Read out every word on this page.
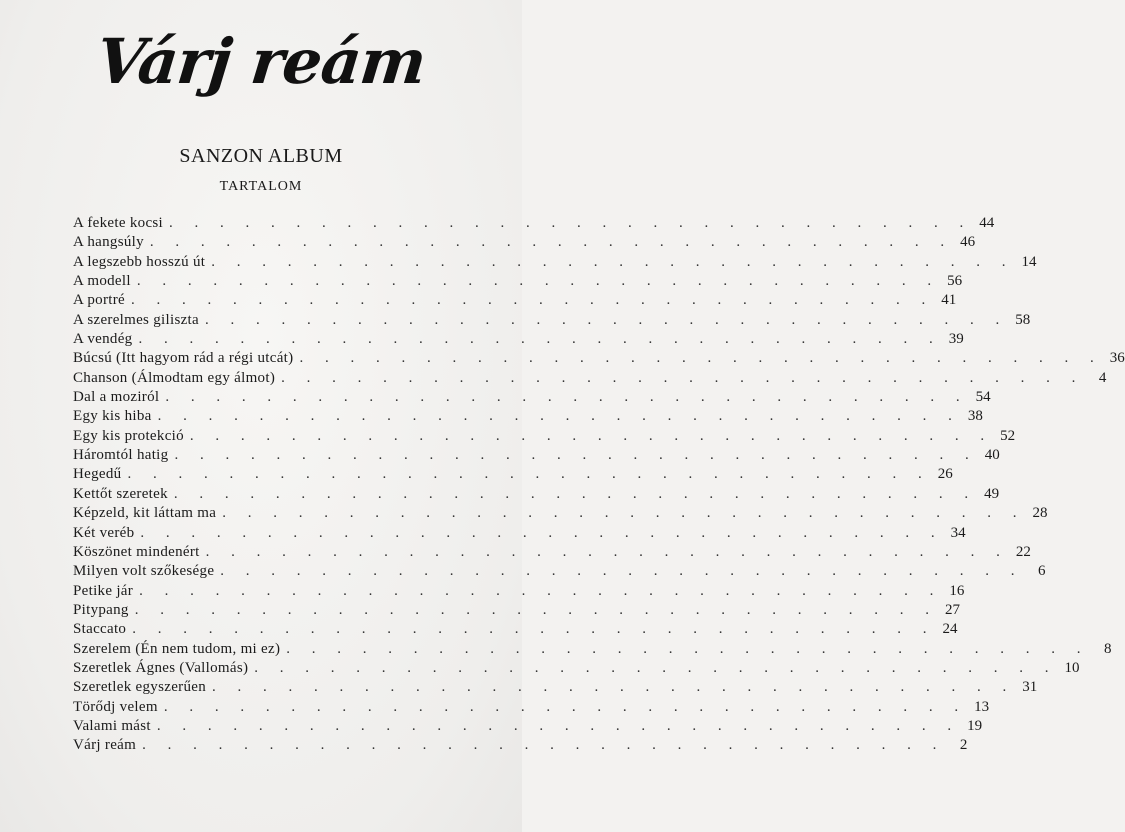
Várj reám
SANZON ALBUM
TARTALOM
A fekete kocsi . . . . . . . . . . . . . . . . . . . . . . . . . . . . . . . . 44
A hangsúly . . . . . . . . . . . . . . . . . . . . . . . . . . . . . . . . 46
A legszebb hosszú út . . . . . . . . . . . . . . . . . . . . . . . . . . . . . . . . 14
A modell . . . . . . . . . . . . . . . . . . . . . . . . . . . . . . . . 56
A portré . . . . . . . . . . . . . . . . . . . . . . . . . . . . . . . . 41
A szerelmes giliszta . . . . . . . . . . . . . . . . . . . . . . . . . . . . . . . . 58
A vendég . . . . . . . . . . . . . . . . . . . . . . . . . . . . . . . . 39
Búcsú (Itt hagyom rád a régi utcát) . . . . . . . . . . . . . . . . . . . . . . . . . . . . . . . . 36
Chanson (Álmodtam egy álmot) . . . . . . . . . . . . . . . . . . . . . . . . . . . . . . . . 4
Dal a moziról . . . . . . . . . . . . . . . . . . . . . . . . . . . . . . . . 54
Egy kis hiba . . . . . . . . . . . . . . . . . . . . . . . . . . . . . . . . 38
Egy kis protekció . . . . . . . . . . . . . . . . . . . . . . . . . . . . . . . . 52
Háromtól hatig . . . . . . . . . . . . . . . . . . . . . . . . . . . . . . . . 40
Hegedű . . . . . . . . . . . . . . . . . . . . . . . . . . . . . . . . 26
Kettőt szeretek . . . . . . . . . . . . . . . . . . . . . . . . . . . . . . . . 49
Képzeld, kit láttam ma . . . . . . . . . . . . . . . . . . . . . . . . . . . . . . . . 28
Két veréb . . . . . . . . . . . . . . . . . . . . . . . . . . . . . . . . 34
Köszönet mindenért . . . . . . . . . . . . . . . . . . . . . . . . . . . . . . . . 22
Milyen volt szőkesége . . . . . . . . . . . . . . . . . . . . . . . . . . . . . . . . 6
Petike jár . . . . . . . . . . . . . . . . . . . . . . . . . . . . . . . . 16
Pitypang . . . . . . . . . . . . . . . . . . . . . . . . . . . . . . . . 27
Staccato . . . . . . . . . . . . . . . . . . . . . . . . . . . . . . . . 24
Szerelem (Én nem tudom, mi ez) . . . . . . . . . . . . . . . . . . . . . . . . . . . . . . . . 8
Szeretlek Ágnes (Vallomás) . . . . . . . . . . . . . . . . . . . . . . . . . . . . . . . . 10
Szeretlek egyszerűen . . . . . . . . . . . . . . . . . . . . . . . . . . . . . . . . 31
Törődj velem . . . . . . . . . . . . . . . . . . . . . . . . . . . . . . . . 13
Valami mást . . . . . . . . . . . . . . . . . . . . . . . . . . . . . . . . 19
Várj reám . . . . . . . . . . . . . . . . . . . . . . . . . . . . . . . . 2
